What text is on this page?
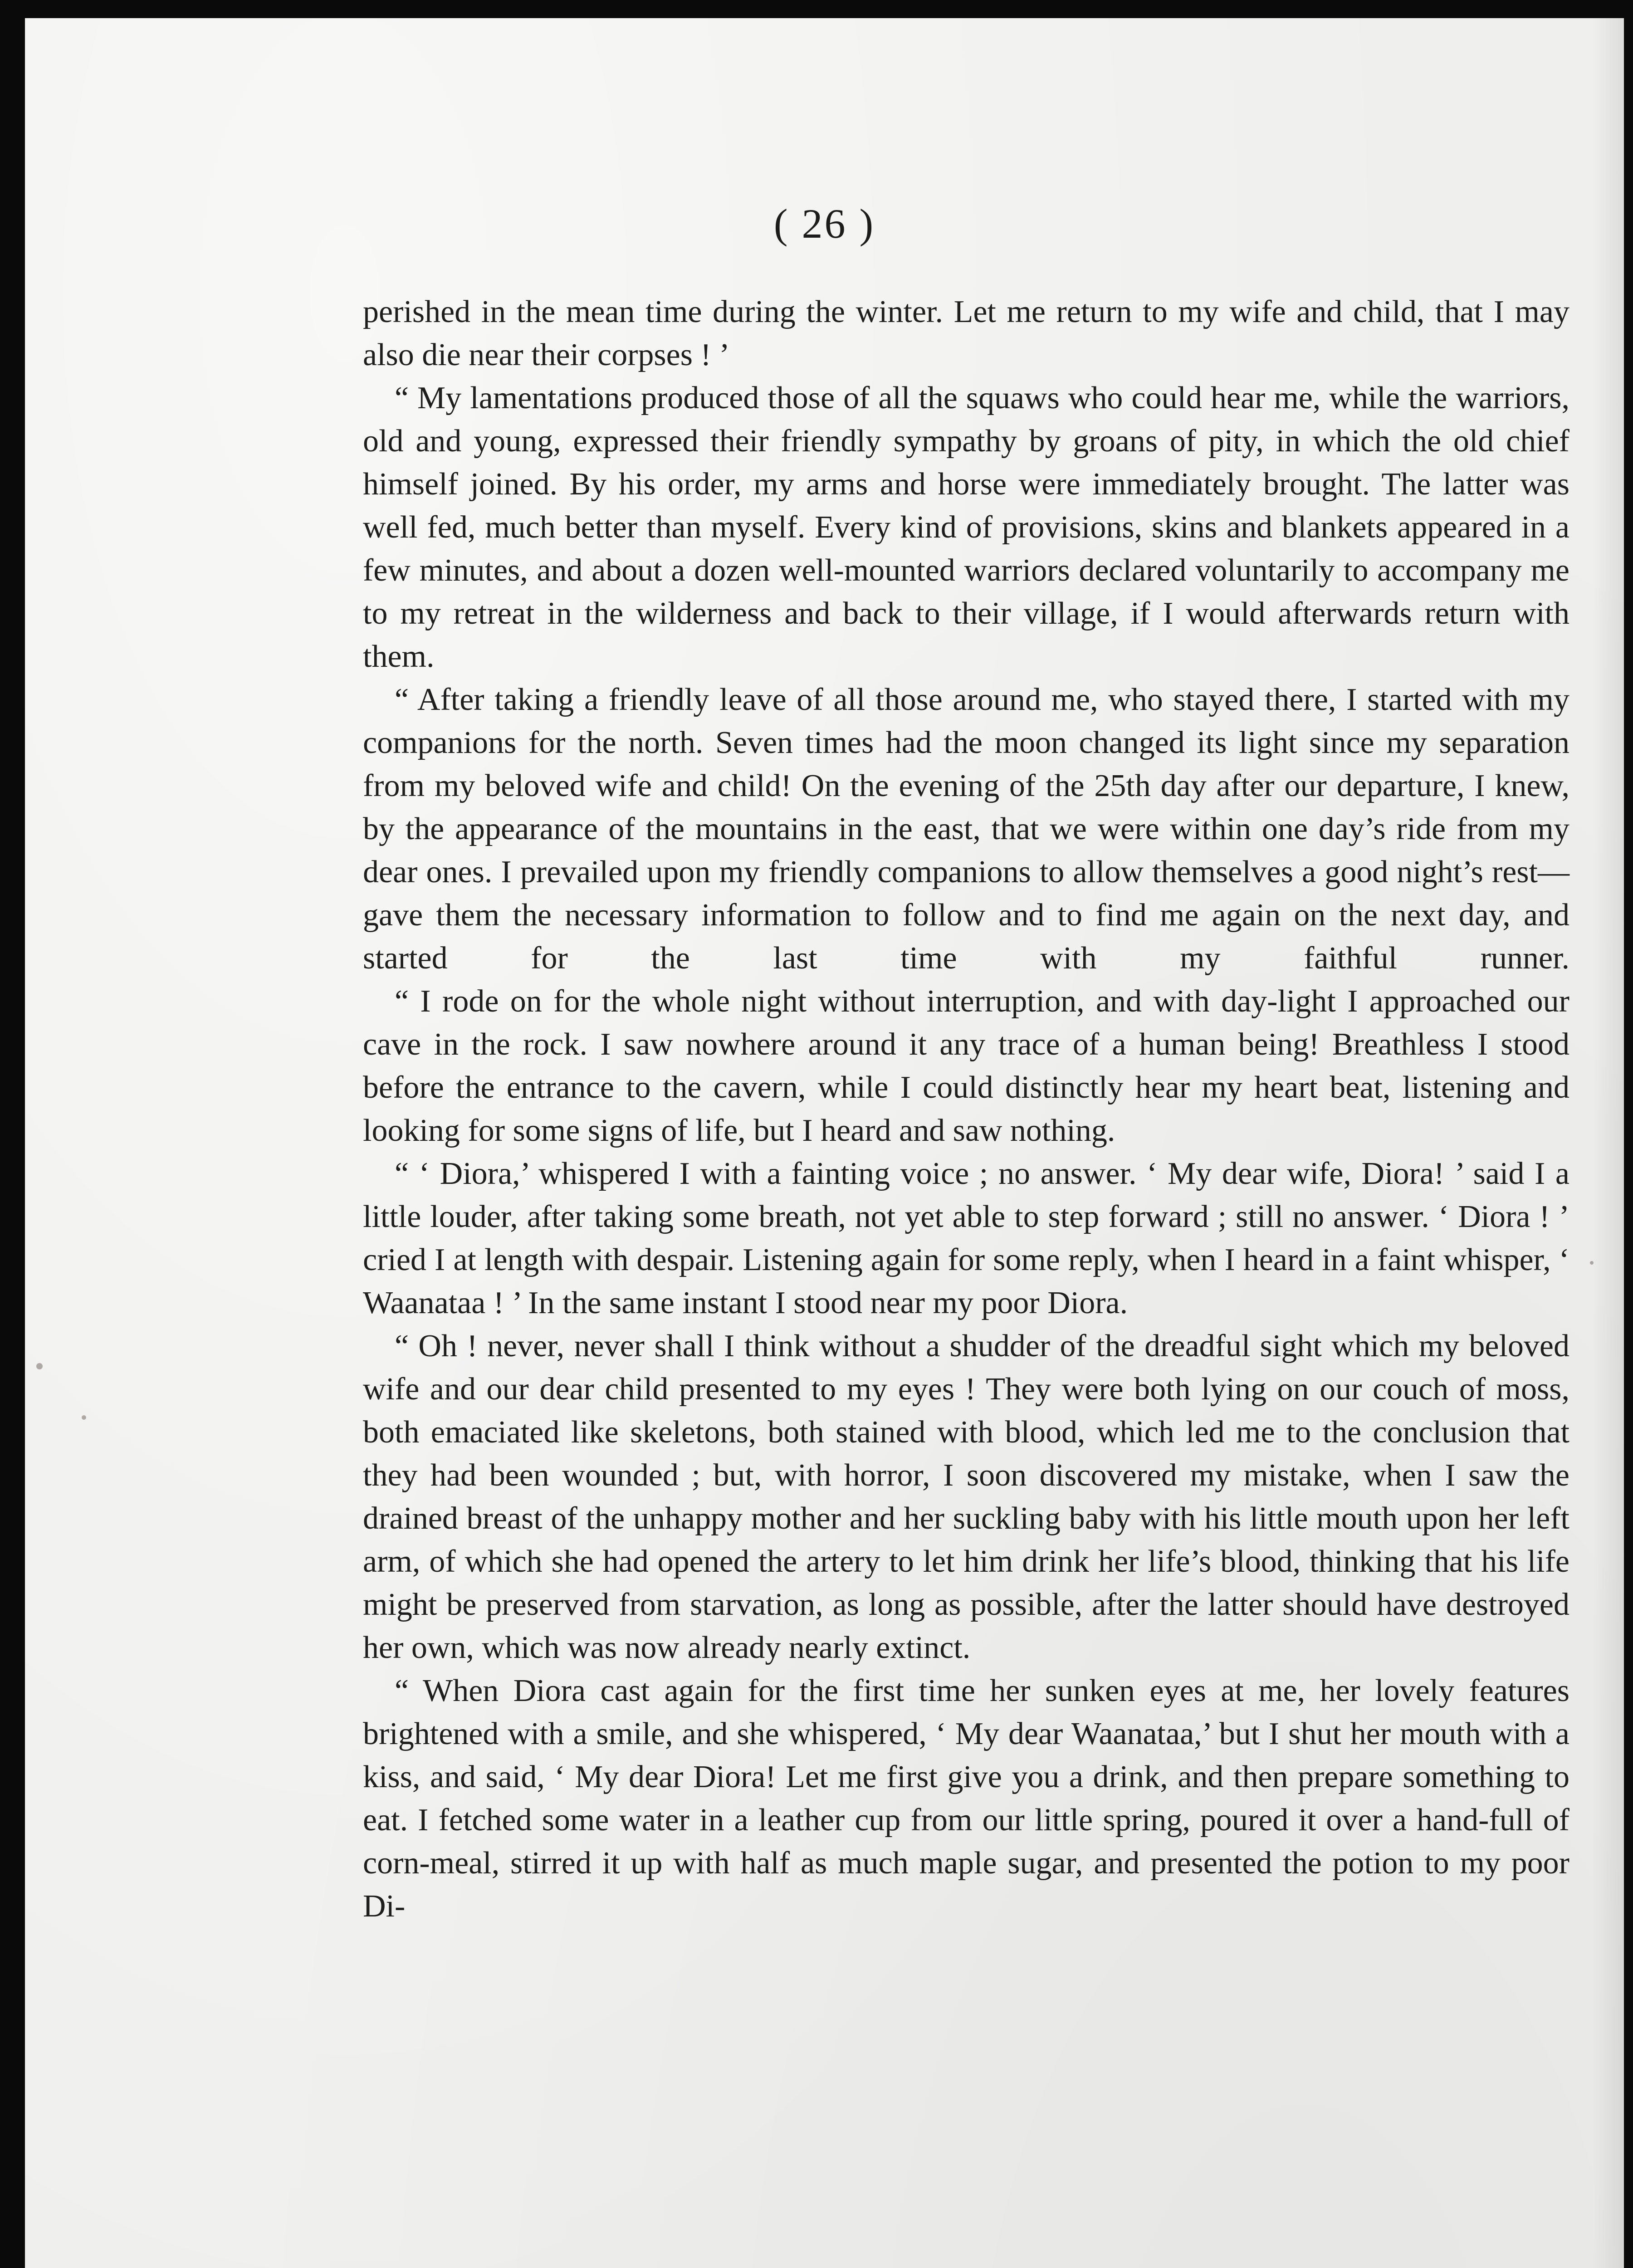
( 26 )

perished in the mean time during the winter. Let me return to my wife and child, that I may also die near their corpses ! ’

“ My lamentations produced those of all the squaws who could hear me, while the warriors, old and young, expressed their friendly sympathy by groans of pity, in which the old chief himself joined. By his order, my arms and horse were immediately brought. The latter was well fed, much better than myself. Every kind of provisions, skins and blankets appeared in a few minutes, and about a dozen well-mounted warriors declared voluntarily to accompany me to my retreat in the wilderness and back to their village, if I would afterwards return with them.

“ After taking a friendly leave of all those around me, who stayed there, I started with my companions for the north. Seven times had the moon changed its light since my separation from my beloved wife and child! On the evening of the 25th day after our departure, I knew, by the appearance of the mountains in the east, that we were within one day’s ride from my dear ones. I prevailed upon my friendly companions to allow themselves a good night’s rest— gave them the necessary information to follow and to find me again on the next day, and started for the last time with my faithful runner.

“ I rode on for the whole night without interruption, and with day-light I approached our cave in the rock. I saw nowhere around it any trace of a human being! Breathless I stood before the entrance to the cavern, while I could distinctly hear my heart beat, listening and looking for some signs of life, but I heard and saw nothing.

“ ‘ Diora,’ whispered I with a fainting voice ; no answer. ‘ My dear wife, Diora! ’ said I a little louder, after taking some breath, not yet able to step forward ; still no answer. ‘ Diora ! ’ cried I at length with despair. Listening again for some reply, when I heard in a faint whisper, ‘ Waanataa ! ’ In the same instant I stood near my poor Diora.

“ Oh ! never, never shall I think without a shudder of the dreadful sight which my beloved wife and our dear child presented to my eyes ! They were both lying on our couch of moss, both emaciated like skeletons, both stained with blood, which led me to the conclusion that they had been wounded ; but, with horror, I soon discovered my mistake, when I saw the drained breast of the unhappy mother and her suckling baby with his little mouth upon her left arm, of which she had opened the artery to let him drink her life’s blood, thinking that his life might be preserved from starvation, as long as possible, after the latter should have destroyed her own, which was now already nearly extinct.

“ When Diora cast again for the first time her sunken eyes at me, her lovely features brightened with a smile, and she whispered, ‘ My dear Waanataa,’ but I shut her mouth with a kiss, and said, ‘ My dear Diora! Let me first give you a drink, and then prepare something to eat. I fetched some water in a leather cup from our little spring, poured it over a hand-full of corn-meal, stirred it up with half as much maple sugar, and presented the potion to my poor Di-
